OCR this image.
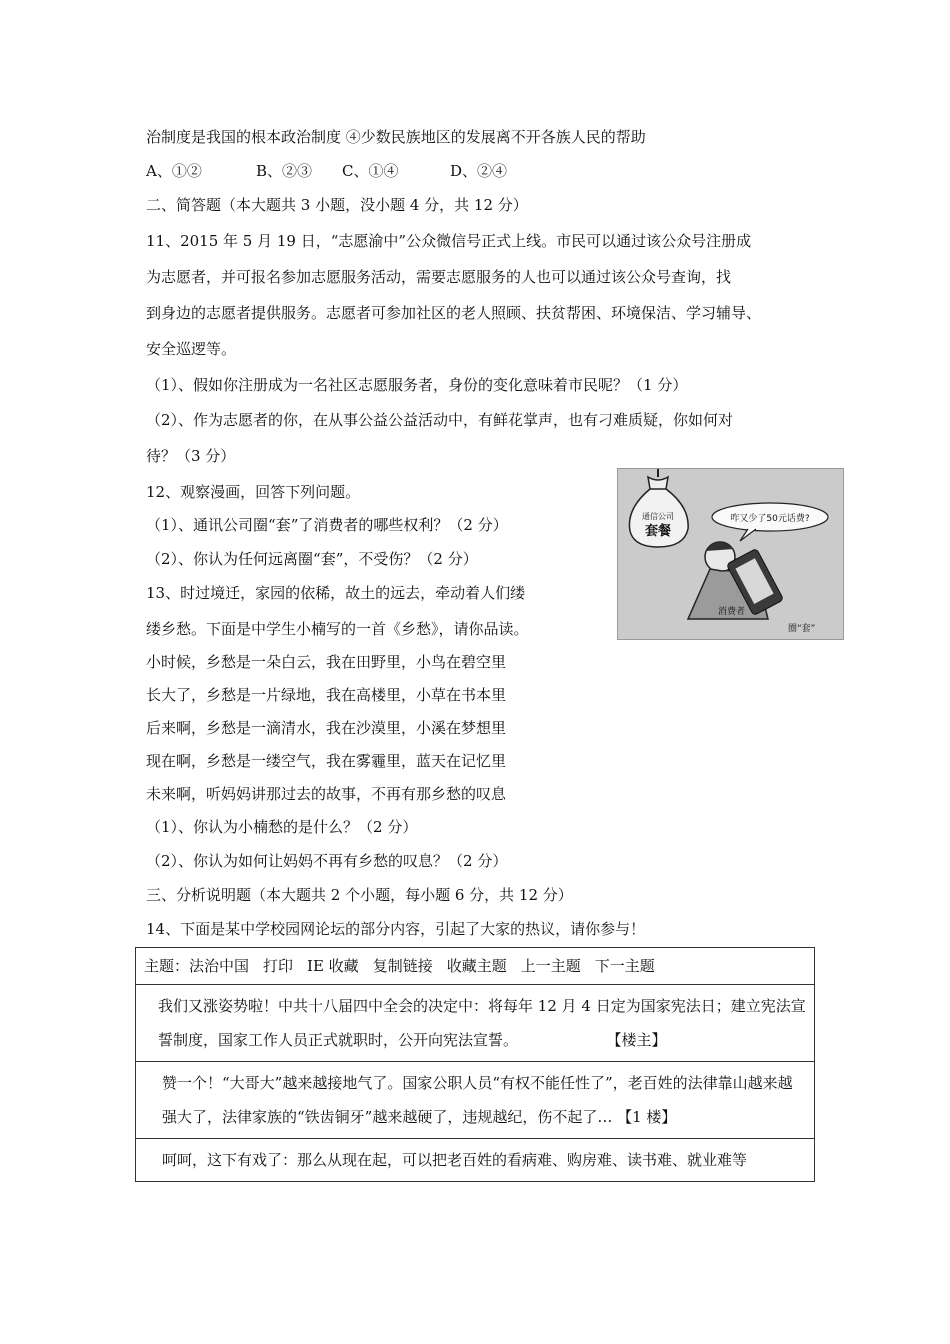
治制度是我国的根本政治制度 ④少数民族地区的发展离不开各族人民的帮助
A、①②	B、②③ C、①④	D、②④
二、简答题（本大题共 3 小题，没小题 4 分，共 12 分）
11、2015 年 5 月 19 日，“志愿渝中”公众微信号正式上线。市民可以通过该公众号注册成
为志愿者，并可报名参加志愿服务活动，需要志愿服务的人也可以通过该公众号查询，找
到身边的志愿者提供服务。志愿者可参加社区的老人照顾、扶贫帮困、环境保洁、学习辅导、
安全巡逻等。
（1）、假如你注册成为一名社区志愿服务者，身份的变化意味着市民呢？（1 分）
（2）、作为志愿者的你，在从事公益公益活动中，有鲜花掌声，也有刁难质疑，你如何对
待？（3 分）
12、观察漫画，回答下列问题。
（1）、通讯公司圈“套”了消费者的哪些权利？（2 分）
（2）、你认为任何远离圈“套”，不受伤？（2 分）
13、时过境迁，家园的依稀，故土的远去，牵动着人们缕
缕乡愁。下面是中学生小楠写的一首《乡愁》，请你品读。
小时候，乡愁是一朵白云，我在田野里，小鸟在碧空里
长大了，乡愁是一片绿地，我在高楼里，小草在书本里
后来啊，乡愁是一滴清水，我在沙漠里，小溪在梦想里
现在啊，乡愁是一缕空气，我在雾霾里，蓝天在记忆里
未来啊，听妈妈讲那过去的故事，不再有那乡愁的叹息
（1）、你认为小楠愁的是什么？（2 分）
（2）、你认为如何让妈妈不再有乡愁的叹息？（2 分）
三、分析说明题（本大题共 2 个小题，每小题 6 分，共 12 分）
14、下面是某中学校园网论坛的部分内容，引起了大家的热议，请你参与！
通信公司
套餐
咋又少了50元话费?
消费者
圈“套”
主题：法治中国 打印 IE 收藏 复制链接 收藏主题 上一主题 下一主题
我们又涨姿势啦！中共十八届四中全会的决定中：将每年 12 月 4 日定为国家宪法日；建立宪法宣誓制度，国家工作人员正式就职时，公开向宪法宣誓。	【楼主】
赞一个！“大哥大”越来越接地气了。国家公职人员“有权不能任性了”，老百姓的法律靠山越来越强大了，法律家族的“铁齿铜牙”越来越硬了，违规越纪，伤不起了… 【1 楼】
呵呵，这下有戏了：那么从现在起，可以把老百姓的看病难、购房难、读书难、就业难等
